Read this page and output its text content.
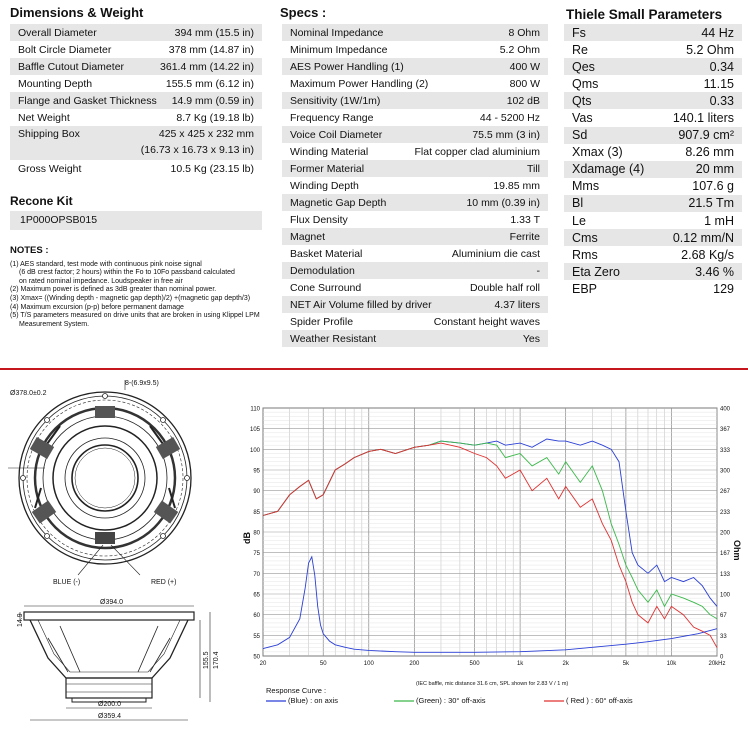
Dimensions & Weight
Overall Diameter	394 mm (15.5 in)
Bolt Circle Diameter	378 mm (14.87 in)
Baffle Cutout Diameter	361.4 mm (14.22 in)
Mounting Depth	155.5 mm (6.12 in)
Flange and Gasket Thickness 14.9 mm (0.59 in)
Net Weight	8.7 Kg (19.18 lb)
Shipping Box	425 x 425 x 232 mm
(16.73 x 16.73 x 9.13 in)
Gross Weight	10.5 Kg (23.15 lb)
Recone Kit
1P000OPSB015
NOTES :
(1) AES standard, test mode with continuous pink noise signal
(6 dB crest factor; 2 hours) within the Fo to 10Fo passband calculated
on rated nominal impedance. Loudspeaker in free air
(2) Maximum power is defined as 3dB greater than nominal power.
(3) Xmax= ((Winding depth - magnetic gap depth)/2) +(magnetic gap depth/3)
(4) Maximum excursion (p-p) before permanent damage
(5) T/S parameters measured on drive units that are broken in using Klippel LPM
Measurement System.
Specs :
Nominal Impedance	8 Ohm
Minimum Impedance	5.2 Ohm
AES Power Handling (1)	400 W
Maximum Power Handling (2)	800 W
Sensitivity (1W/1m)	102 dB
Frequency Range	44 - 5200 Hz
Voice Coil Diameter	75.5 mm (3 in)
Winding Material	Flat copper clad aluminium
Former Material	Till
Winding Depth	19.85 mm
Magnetic Gap Depth	10 mm (0.39 in)
Flux Density	1.33 T
Magnet	Ferrite
Basket Material	Aluminium die cast
Demodulation	-
Cone Surround	Double half roll
NET Air Volume filled by driver	4.37 liters
Spider Profile	Constant height waves
Weather Resistant	Yes
Thiele Small Parameters
Fs	44 Hz
Re	5.2 Ohm
Qes	0.34
Qms	11.15
Qts	0.33
Vas	140.1 liters
Sd	907.9 cm²
Xmax (3)	8.26 mm
Xdamage (4)	20 mm
Mms	107.6 g
Bl	21.5 Tm
Le	1 mH
Cms	0.12 mm/N
Rms	2.68 Kg/s
Eta Zero	3.46 %
EBP	129
Ø378.0±0.2
8-(6.9x9.5)
BLUE (-)	RED (+)
Ø394.0
14.9
155.5 170.4
Ø200.0
Ø359.4
50
55
60
65
70
75
80
85
90
95
100
105
110
0
33
67
100
133
167
200
233
267
300
333
367
400
20	50	100	200	500	1k	2k	5k	10k	20kHz
dB
Ohm
(IEC baffle, mic distance 31.6 cm, SPL shown for 2.83 V / 1 m)
Response Curve :
(Blue) : on axis	(Green) : 30° off-axis	( Red ) : 60° off-axis
